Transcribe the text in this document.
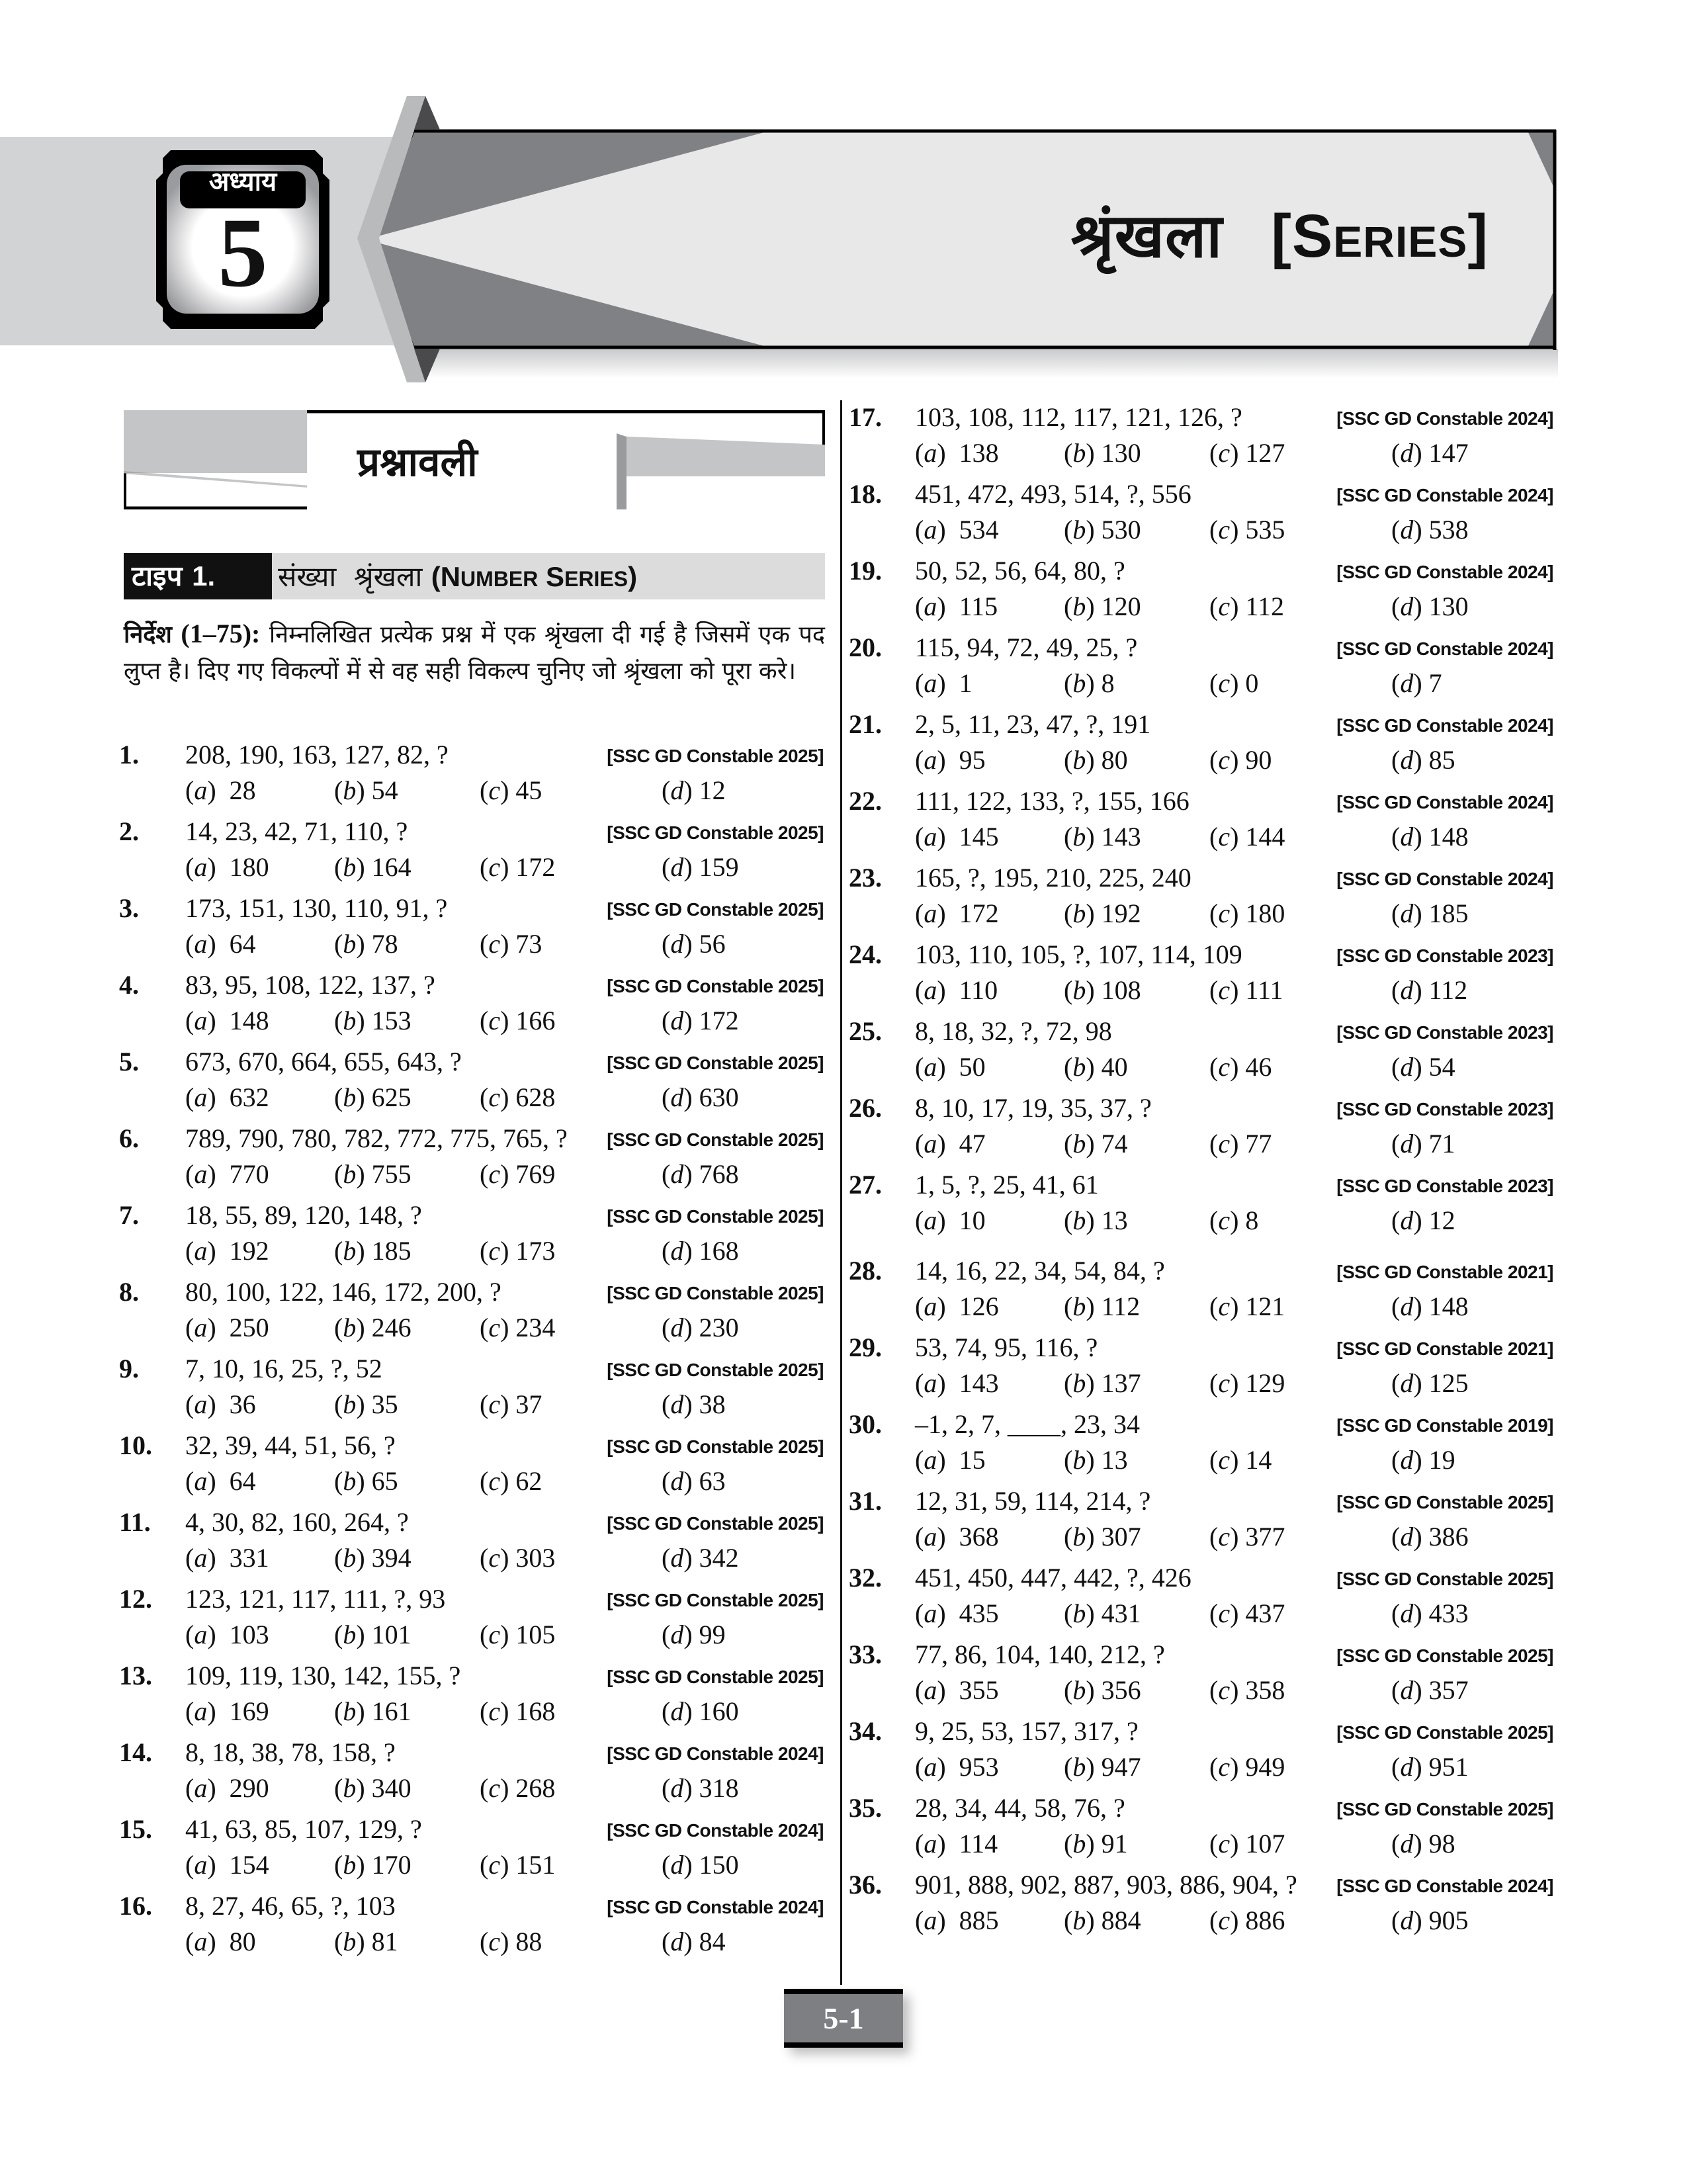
अध्याय
5	श्रृंखला [SERIES]
प्रश्नावली
टाइप 1.	संख्या  श्रृंखला (NUMBER SERIES)
निर्देश (1–75): निम्नलिखित प्रत्येक प्रश्न में एक श्रृंखला दी गई है जिसमें एक पद लुप्त है। दिए गए विकल्पों में से वह सही विकल्प चुनिए जो श्रृंखला को पूरा करे।
1. 208, 190, 163, 127, 82, ?	[SSC GD Constable 2025]
(a)  28	(b) 54	(c) 45	(d) 12
2. 14, 23, 42, 71, 110, ?	[SSC GD Constable 2025]
(a)  180 (b) 164	(c) 172	(d) 159
3. 173, 151, 130, 110, 91, ?	[SSC GD Constable 2025]
(a)  64	(b) 78	(c) 73	(d) 56
4. 83, 95, 108, 122, 137, ?	[SSC GD Constable 2025]
(a)  148 (b) 153	(c) 166	(d) 172
5. 673, 670, 664, 655, 643, ?	[SSC GD Constable 2025]
(a)  632 (b) 625	(c) 628	(d) 630
6. 789, 790, 780, 782, 772, 775, 765, ? [SSC GD Constable 2025]
(a)  770 (b) 755	(c) 769	(d) 768
7. 18, 55, 89, 120, 148, ?	[SSC GD Constable 2025]
(a)  192 (b) 185	(c) 173	(d) 168
8. 80, 100, 122, 146, 172, 200, ?	[SSC GD Constable 2025]
(a)  250 (b) 246	(c) 234	(d) 230
9. 7, 10, 16, 25, ?, 52	[SSC GD Constable 2025]
(a)  36	(b) 35	(c) 37	(d) 38
10. 32, 39, 44, 51, 56, ?	[SSC GD Constable 2025]
(a)  64	(b) 65	(c) 62	(d) 63
11. 4, 30, 82, 160, 264, ?	[SSC GD Constable 2025]
(a)  331 (b) 394	(c) 303	(d) 342
12. 123, 121, 117, 111, ?, 93	[SSC GD Constable 2025]
(a)  103 (b) 101	(c) 105	(d) 99
13. 109, 119, 130, 142, 155, ?	[SSC GD Constable 2025]
(a)  169 (b) 161	(c) 168	(d) 160
14. 8, 18, 38, 78, 158, ?	[SSC GD Constable 2024]
(a)  290 (b) 340	(c) 268	(d) 318
15. 41, 63, 85, 107, 129, ?	[SSC GD Constable 2024]
(a)  154 (b) 170	(c) 151	(d) 150
16. 8, 27, 46, 65, ?, 103	[SSC GD Constable 2024]
(a)  80	(b) 81	(c) 88	(d) 84
17. 103, 108, 112, 117, 121, 126, ?	[SSC GD Constable 2024]
(a)  138 (b) 130	(c) 127	(d) 147
18. 451, 472, 493, 514, ?, 556	[SSC GD Constable 2024]
(a)  534 (b) 530	(c) 535	(d) 538
19. 50, 52, 56, 64, 80, ?	[SSC GD Constable 2024]
(a)  115 (b) 120	(c) 112	(d) 130
20. 115, 94, 72, 49, 25, ?	[SSC GD Constable 2024]
(a)  1	(b) 8	(c) 0	(d) 7
21. 2, 5, 11, 23, 47, ?, 191	[SSC GD Constable 2024]
(a)  95	(b) 80	(c) 90	(d) 85
22. 111, 122, 133, ?, 155, 166	[SSC GD Constable 2024]
(a)  145 (b) 143	(c) 144	(d) 148
23. 165, ?, 195, 210, 225, 240	[SSC GD Constable 2024]
(a)  172 (b) 192	(c) 180	(d) 185
24. 103, 110, 105, ?, 107, 114, 109	[SSC GD Constable 2023]
(a)  110 (b) 108	(c) 111	(d) 112
25. 8, 18, 32, ?, 72, 98	[SSC GD Constable 2023]
(a)  50	(b) 40	(c) 46	(d) 54
26. 8, 10, 17, 19, 35, 37, ?	[SSC GD Constable 2023]
(a)  47	(b) 74	(c) 77	(d) 71
27. 1, 5, ?, 25, 41, 61	[SSC GD Constable 2023]
(a)  10	(b) 13	(c) 8	(d) 12
28. 14, 16, 22, 34, 54, 84, ?	[SSC GD Constable 2021]
(a)  126 (b) 112	(c) 121	(d) 148
29. 53, 74, 95, 116, ?	[SSC GD Constable 2021]
(a)  143 (b) 137	(c) 129	(d) 125
30. –1, 2, 7, ____, 23, 34	[SSC GD Constable 2019]
(a)  15	(b) 13	(c) 14	(d) 19
31. 12, 31, 59, 114, 214, ?	[SSC GD Constable 2025]
(a)  368 (b) 307	(c) 377	(d) 386
32. 451, 450, 447, 442, ?, 426	[SSC GD Constable 2025]
(a)  435 (b) 431	(c) 437	(d) 433
33. 77, 86, 104, 140, 212, ?	[SSC GD Constable 2025]
(a)  355 (b) 356	(c) 358	(d) 357
34. 9, 25, 53, 157, 317, ?	[SSC GD Constable 2025]
(a)  953 (b) 947	(c) 949	(d) 951
35. 28, 34, 44, 58, 76, ?	[SSC GD Constable 2025]
(a)  114 (b) 91	(c) 107	(d) 98
36. 901, 888, 902, 887, 903, 886, 904, ? [SSC GD Constable 2024]
(a)  885 (b) 884	(c) 886	(d) 905
5-1
